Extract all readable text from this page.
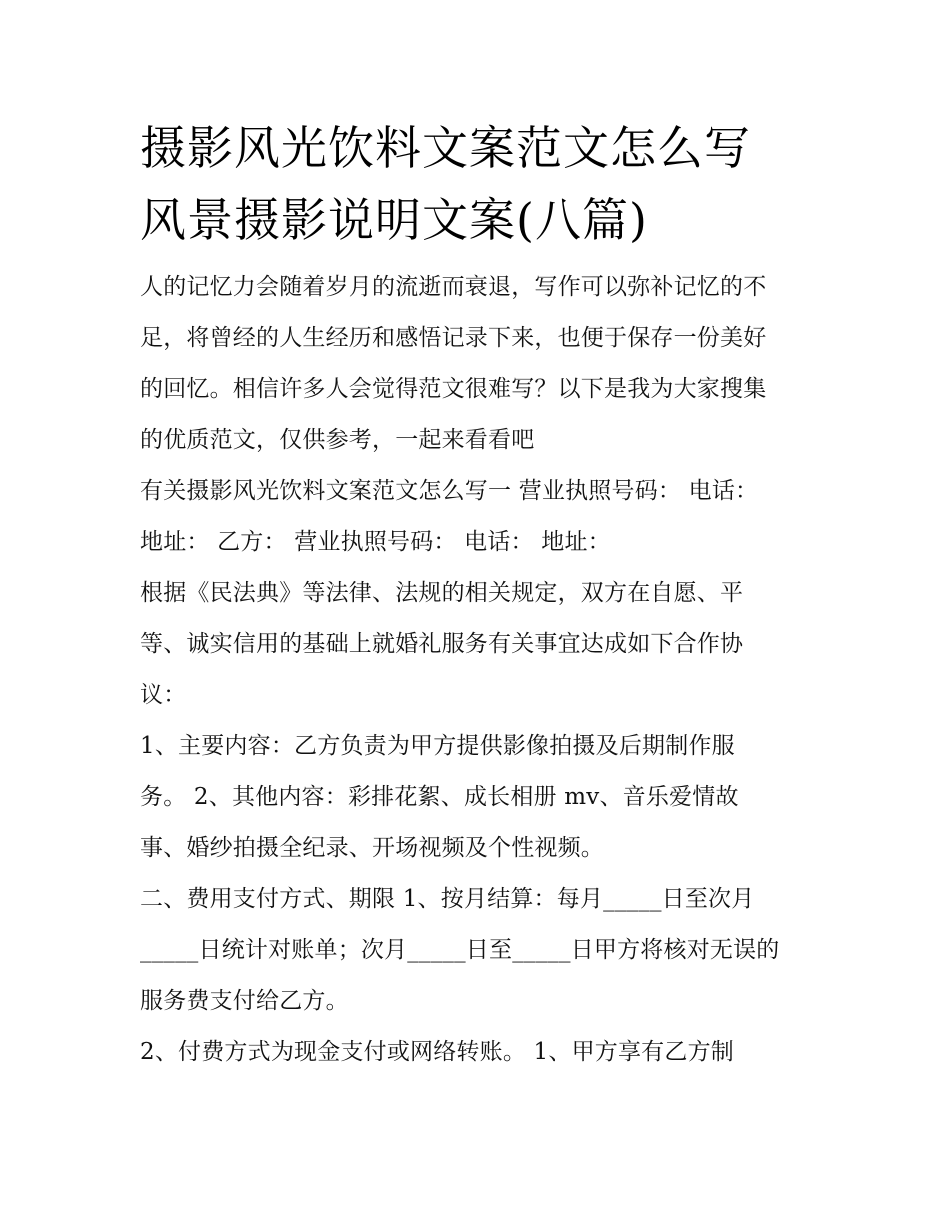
摄影风光饮料文案范文怎么写
风景摄影说明文案(八篇)

人的记忆力会随着岁月的流逝而衰退，写作可以弥补记忆的不
足，将曾经的人生经历和感悟记录下来，也便于保存一份美好
的回忆。相信许多人会觉得范文很难写？以下是我为大家搜集
的优质范文，仅供参考，一起来看看吧

有关摄影风光饮料文案范文怎么写一 营业执照号码： 电话：
地址： 乙方： 营业执照号码： 电话： 地址：

根据《民法典》等法律、法规的相关规定，双方在自愿、平
等、诚实信用的基础上就婚礼服务有关事宜达成如下合作协
议：

1、主要内容：乙方负责为甲方提供影像拍摄及后期制作服
务。 2、其他内容：彩排花絮、成长相册 mv、音乐爱情故
事、婚纱拍摄全纪录、开场视频及个性视频。

二、费用支付方式、期限 1、按月结算：每月_____日至次月
_____日统计对账单；次月_____日至_____日甲方将核对无误的
服务费支付给乙方。

2、付费方式为现金支付或网络转账。 1、甲方享有乙方制
